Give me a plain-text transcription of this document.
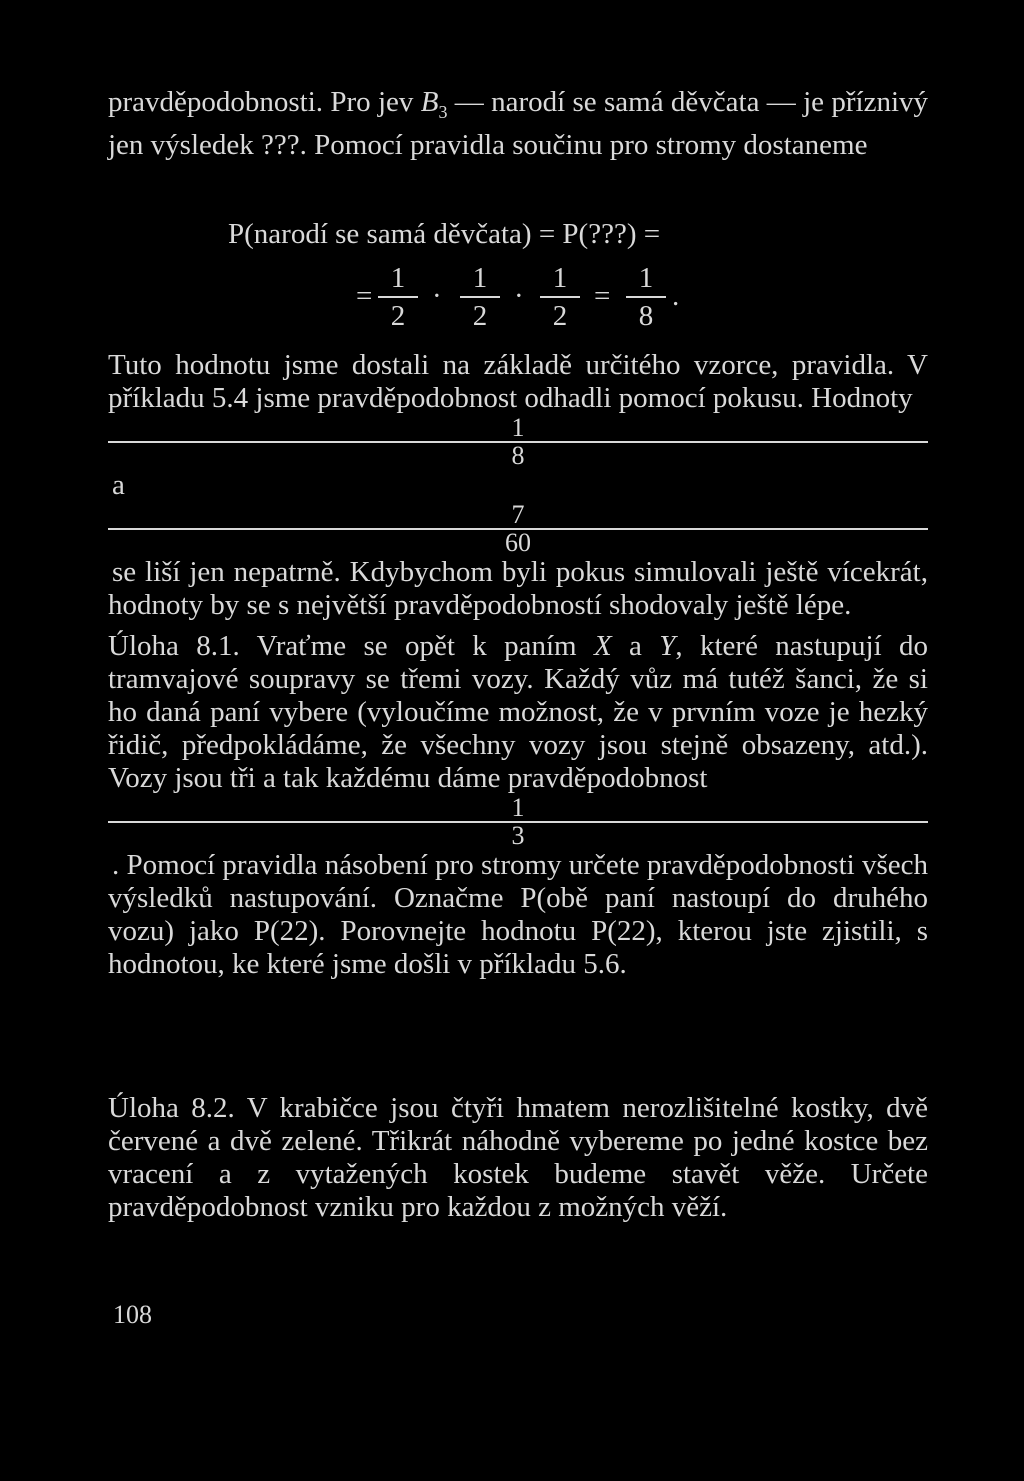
pravděpodobnosti. Pro jev $B_3$ — narodí se samá děvčata — je příznivý jen výsledek ???. Pomocí pravidla součinu pro stromy dostaneme
P(narodí se samá děvčata) = P(???) =
=
1
2
·
1
2
·
1
2
=
1
8
.
Tuto hodnotu jsme dostali na základě určitého vzorce, pravidla. V příkladu 5.4 jsme pravděpodobnost odhadli pomocí pokusu. Hodnoty
1
8
a
7
60
se liší jen nepatrně. Kdybychom byli pokus simulovali ještě vícekrát, hodnoty by se s největší pravděpodobností shodovaly ještě lépe.
Úloha 8.1. Vraťme se opět k paním X a Y, které nastupují do tramvajové soupravy se třemi vozy. Každý vůz má tutéž šanci, že si ho daná paní vybere (vyloučíme možnost, že v prvním voze je hezký řidič, předpokládáme, že všechny vozy jsou stejně obsazeny, atd.). Vozy jsou tři a tak každému dáme pravděpodobnost
1
3
. Pomocí pravidla násobení pro stromy určete pravděpodobnosti všech výsledků nastupování. Označme P(obě paní nastoupí do druhého vozu) jako P(22). Porovnejte hodnotu P(22), kterou jste zjistili, s hodnotou, ke které jsme došli v příkladu 5.6.
Úloha 8.2. V krabičce jsou čtyři hmatem nerozlišitelné kostky, dvě červené a dvě zelené. Třikrát náhodně vybereme po jedné kostce bez vracení a z vytažených kostek budeme stavět věže. Určete pravděpodobnost vzniku pro každou z možných věží.
108
